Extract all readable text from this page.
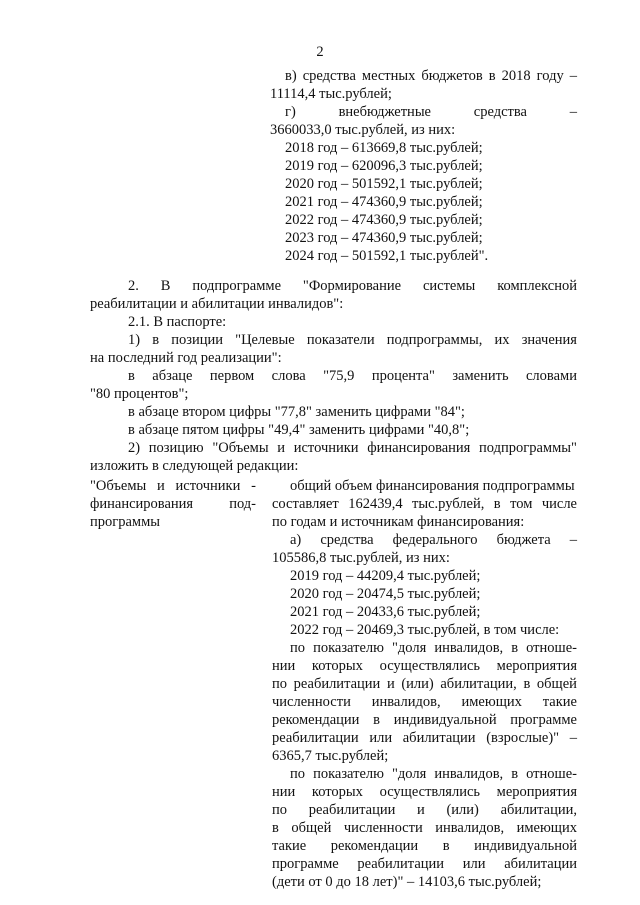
2
в) средства местных бюджетов в 2018 году –
11114,4 тыс.рублей;
г)	внебюджетные	средства	–
3660033,0 тыс.рублей, из них:
2018 год – 613669,8 тыс.рублей;
2019 год – 620096,3 тыс.рублей;
2020 год – 501592,1 тыс.рублей;
2021 год – 474360,9 тыс.рублей;
2022 год – 474360,9 тыс.рублей;
2023 год – 474360,9 тыс.рублей;
2024 год – 501592,1 тыс.рублей".
2. В подпрограмме "Формирование системы комплексной
реабилитации и абилитации инвалидов":
2.1. В паспорте:
1) в позиции "Целевые показатели подпрограммы, их значения
на последний год реализации":
в абзаце первом слова "75,9 процента" заменить словами
"80 процентов";
в абзаце втором цифры "77,8" заменить цифрами "84";
в абзаце пятом цифры "49,4" заменить цифрами "40,8";
2) позицию "Объемы и источники финансирования подпрограммы"
изложить в следующей редакции:
"Объемы и источники -
финансирования под-
программы
общий объем финансирования подпрограммы
составляет 162439,4 тыс.рублей, в том числе
по годам и источникам финансирования:
а) средства федерального бюджета –
105586,8 тыс.рублей, из них:
2019 год – 44209,4 тыс.рублей;
2020 год – 20474,5 тыс.рублей;
2021 год – 20433,6 тыс.рублей;
2022 год – 20469,3 тыс.рублей, в том числе:
по показателю "доля инвалидов, в отноше-
нии которых осуществлялись мероприятия
по реабилитации и (или) абилитации, в общей
численности инвалидов, имеющих такие
рекомендации в индивидуальной программе
реабилитации или абилитации (взрослые)" –
6365,7 тыс.рублей;
по показателю "доля инвалидов, в отноше-
нии которых осуществлялись мероприятия
по реабилитации и (или) абилитации,
в общей численности инвалидов, имеющих
такие рекомендации в индивидуальной
программе реабилитации или абилитации
(дети от 0 до 18 лет)" – 14103,6 тыс.рублей;
